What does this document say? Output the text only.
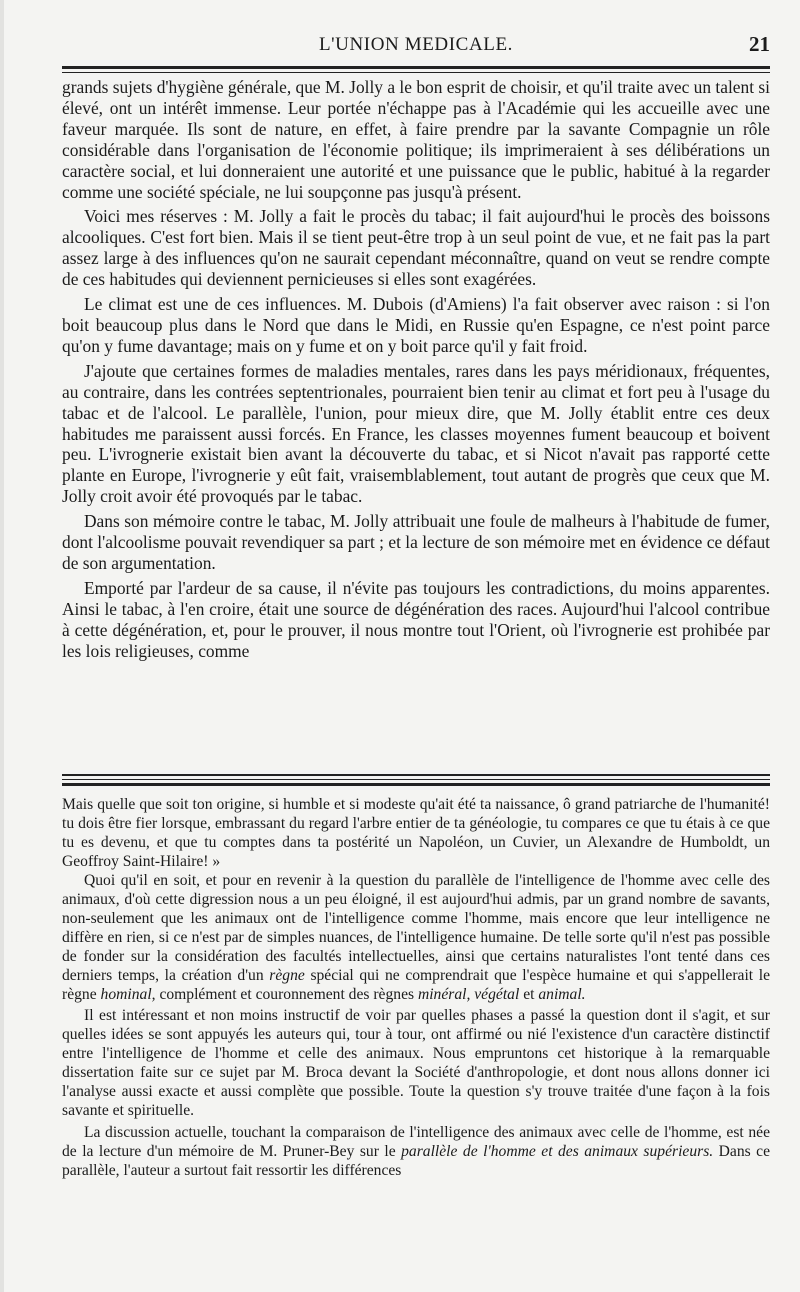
L'UNION MEDICALE.	21

grands sujets d'hygiène générale, que M. Jolly a le bon esprit de choisir, et qu'il traite avec un talent si élevé, ont un intérêt immense. Leur portée n'échappe pas à l'Académie qui les accueille avec une faveur marquée. Ils sont de nature, en effet, à faire prendre par la savante Compagnie un rôle considérable dans l'organisation de l'économie politique; ils imprimeraient à ses délibérations un caractère social, et lui donneraient une autorité et une puissance que le public, habitué à la regarder comme une société spéciale, ne lui soupçonne pas jusqu'à présent.

Voici mes réserves : M. Jolly a fait le procès du tabac; il fait aujourd'hui le procès des boissons alcooliques. C'est fort bien. Mais il se tient peut-être trop à un seul point de vue, et ne fait pas la part assez large à des influences qu'on ne saurait cependant méconnaître, quand on veut se rendre compte de ces habitudes qui deviennent pernicieuses si elles sont exagérées.

Le climat est une de ces influences. M. Dubois (d'Amiens) l'a fait observer avec raison : si l'on boit beaucoup plus dans le Nord que dans le Midi, en Russie qu'en Espagne, ce n'est point parce qu'on y fume davantage; mais on y fume et on y boit parce qu'il y fait froid.

J'ajoute que certaines formes de maladies mentales, rares dans les pays méridionaux, fréquentes, au contraire, dans les contrées septentrionales, pourraient bien tenir au climat et fort peu à l'usage du tabac et de l'alcool. Le parallèle, l'union, pour mieux dire, que M. Jolly établit entre ces deux habitudes me paraissent aussi forcés. En France, les classes moyennes fument beaucoup et boivent peu. L'ivrognerie existait bien avant la découverte du tabac, et si Nicot n'avait pas rapporté cette plante en Europe, l'ivrognerie y eût fait, vraisemblablement, tout autant de progrès que ceux que M. Jolly croit avoir été provoqués par le tabac.

Dans son mémoire contre le tabac, M. Jolly attribuait une foule de malheurs à l'habitude de fumer, dont l'alcoolisme pouvait revendiquer sa part ; et la lecture de son mémoire met en évidence ce défaut de son argumentation.

Emporté par l'ardeur de sa cause, il n'évite pas toujours les contradictions, du moins apparentes. Ainsi le tabac, à l'en croire, était une source de dégénération des races. Aujourd'hui l'alcool contribue à cette dégénération, et, pour le prouver, il nous montre tout l'Orient, où l'ivrognerie est prohibée par les lois religieuses, comme

Mais quelle que soit ton origine, si humble et si modeste qu'ait été ta naissance, ô grand patriarche de l'humanité! tu dois être fier lorsque, embrassant du regard l'arbre entier de ta généologie, tu compares ce que tu étais à ce que tu es devenu, et que tu comptes dans ta postérité un Napoléon, un Cuvier, un Alexandre de Humboldt, un Geoffroy Saint-Hilaire! »

Quoi qu'il en soit, et pour en revenir à la question du parallèle de l'intelligence de l'homme avec celle des animaux, d'où cette digression nous a un peu éloigné, il est aujourd'hui admis, par un grand nombre de savants, non-seulement que les animaux ont de l'intelligence comme l'homme, mais encore que leur intelligence ne diffère en rien, si ce n'est par de simples nuances, de l'intelligence humaine. De telle sorte qu'il n'est pas possible de fonder sur la considération des facultés intellectuelles, ainsi que certains naturalistes l'ont tenté dans ces derniers temps, la création d'un règne spécial qui ne comprendrait que l'espèce humaine et qui s'appellerait le règne hominal, complément et couronnement des règnes minéral, végétal et animal.

Il est intéressant et non moins instructif de voir par quelles phases a passé la question dont il s'agit, et sur quelles idées se sont appuyés les auteurs qui, tour à tour, ont affirmé ou nié l'existence d'un caractère distinctif entre l'intelligence de l'homme et celle des animaux. Nous empruntons cet historique à la remarquable dissertation faite sur ce sujet par M. Broca devant la Société d'anthropologie, et dont nous allons donner ici l'analyse aussi exacte et aussi complète que possible. Toute la question s'y trouve traitée d'une façon à la fois savante et spirituelle.

La discussion actuelle, touchant la comparaison de l'intelligence des animaux avec celle de l'homme, est née de la lecture d'un mémoire de M. Pruner-Bey sur le parallèle de l'homme et des animaux supérieurs. Dans ce parallèle, l'auteur a surtout fait ressortir les différences
